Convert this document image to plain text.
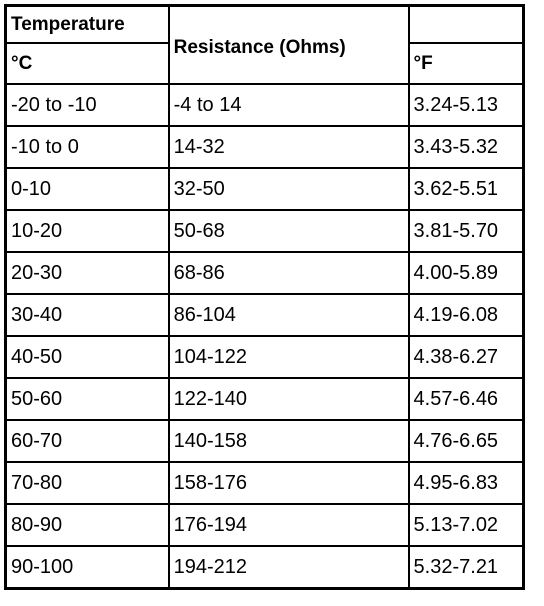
Temperature	Resistance (Ohms)	
°C		°F
-20 to -10	-4 to 14	3.24-5.13
-10 to 0	14-32	3.43-5.32
0-10	32-50	3.62-5.51
10-20	50-68	3.81-5.70
20-30	68-86	4.00-5.89
30-40	86-104	4.19-6.08
40-50	104-122	4.38-6.27
50-60	122-140	4.57-6.46
60-70	140-158	4.76-6.65
70-80	158-176	4.95-6.83
80-90	176-194	5.13-7.02
90-100	194-212	5.32-7.21
